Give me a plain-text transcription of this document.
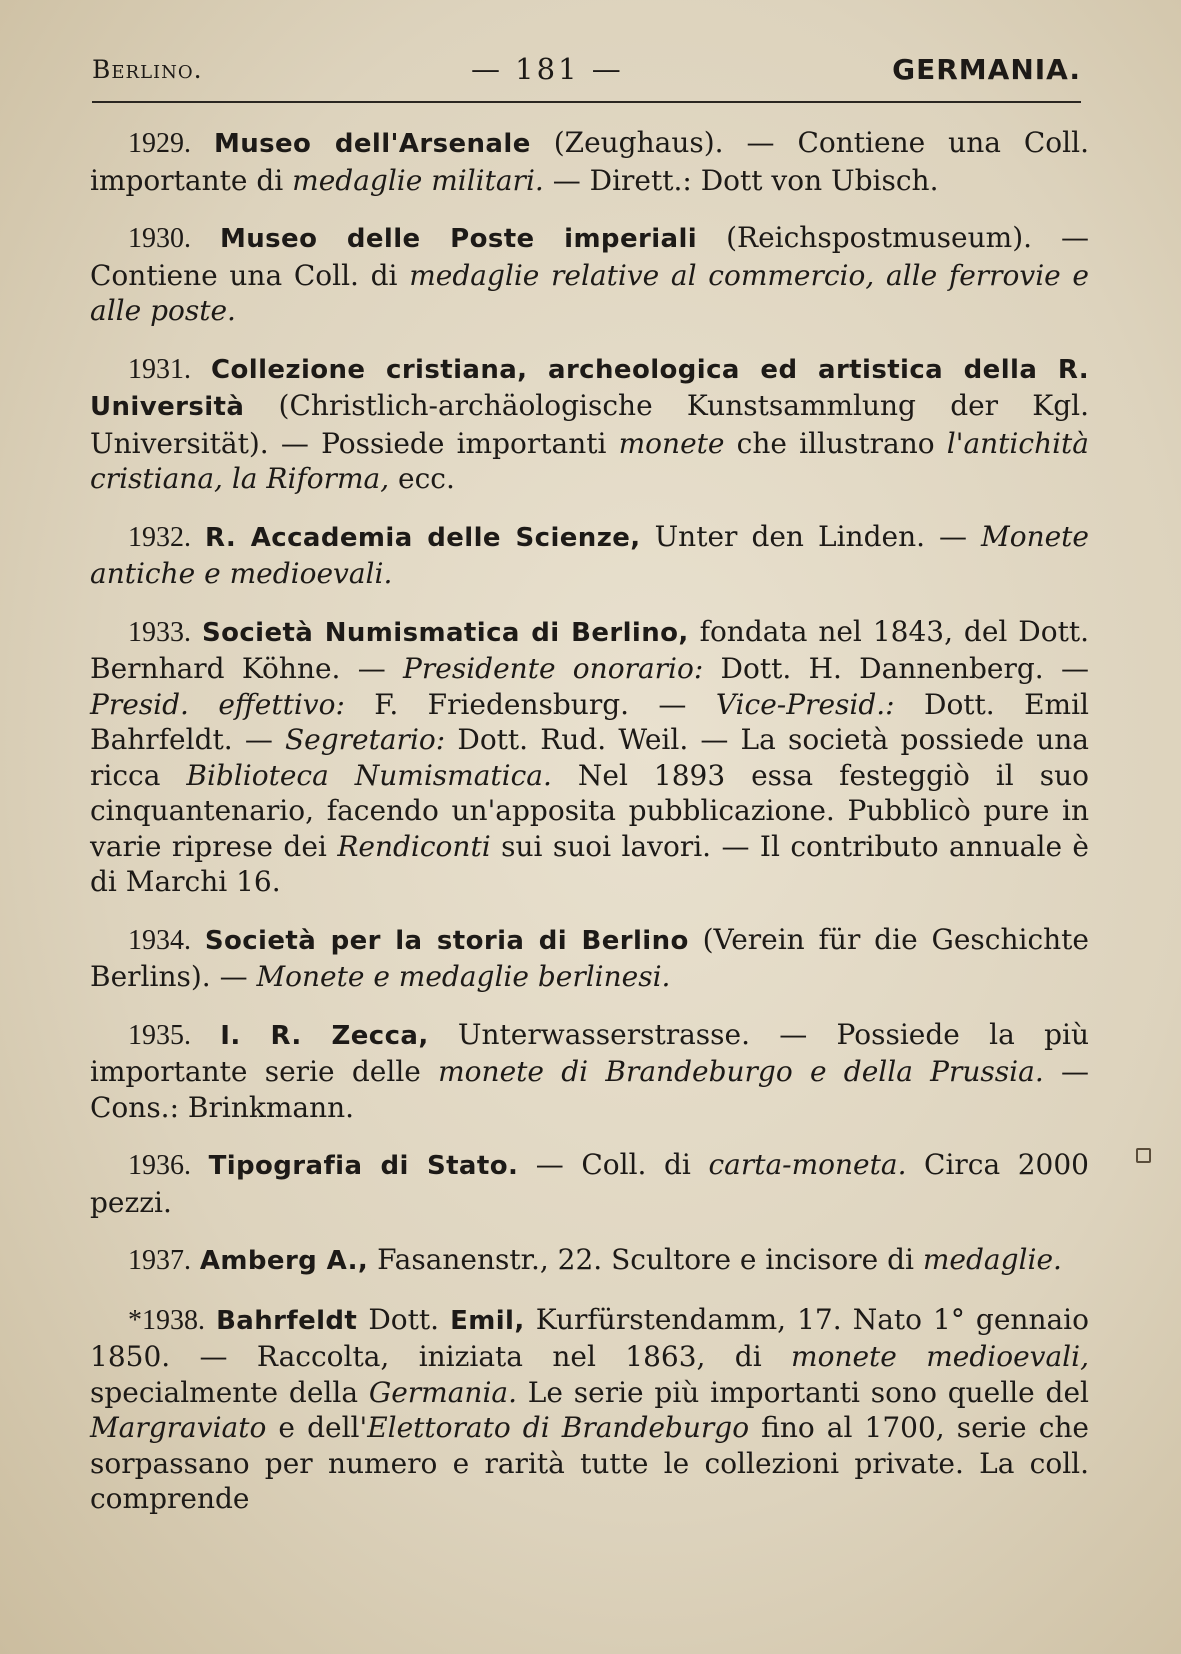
Berlino.	— 181 —	GERMANIA.

1929. Museo dell'Arsenale (Zeughaus). — Contiene una Coll. importante di medaglie militari. — Dirett.: Dott von Ubisch.

1930. Museo delle Poste imperiali (Reichspostmuseum). — Contiene una Coll. di medaglie relative al commercio, alle ferrovie e alle poste.

1931. Collezione cristiana, archeologica ed artistica della R. Università (Christlich-archäologische Kunstsammlung der Kgl. Universität). — Possiede importanti monete che illustrano l'antichità cristiana, la Riforma, ecc.

1932. R. Accademia delle Scienze, Unter den Linden. — Monete antiche e medioevali.

1933. Società Numismatica di Berlino, fondata nel 1843, del Dott. Bernhard Köhne. — Presidente onorario: Dott. H. Dannenberg. — Presid. effettivo: F. Friedensburg. — Vice-Presid.: Dott. Emil Bahrfeldt. — Segretario: Dott. Rud. Weil. — La società possiede una ricca Biblioteca Numismatica. Nel 1893 essa festeggiò il suo cinquantenario, facendo un'apposita pubblicazione. Pubblicò pure in varie riprese dei Rendiconti sui suoi lavori. — Il contributo annuale è di Marchi 16.

1934. Società per la storia di Berlino (Verein für die Geschichte Berlins). — Monete e medaglie berlinesi.

1935. I. R. Zecca, Unterwasserstrasse. — Possiede la più importante serie delle monete di Brandeburgo e della Prussia. — Cons.: Brinkmann.

1936. Tipografia di Stato. — Coll. di carta-moneta. Circa 2000 pezzi.

1937. Amberg A., Fasanenstr., 22. Scultore e incisore di medaglie.

*1938. Bahrfeldt Dott. Emil, Kurfürstendamm, 17. Nato 1° gennaio 1850. — Raccolta, iniziata nel 1863, di monete medioevali, specialmente della Germania. Le serie più importanti sono quelle del Margraviato e dell'Elettorato di Brandeburgo fino al 1700, serie che sorpassano per numero e rarità tutte le collezioni private. La coll. comprende
